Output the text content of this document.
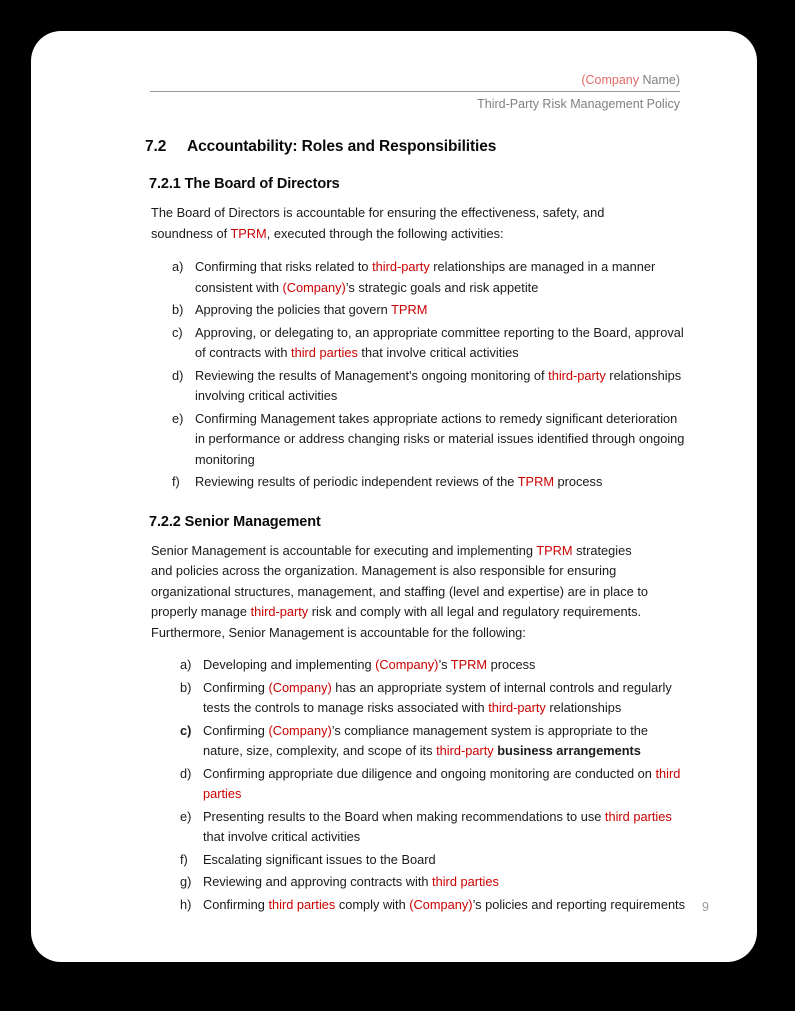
(Company Name)
Third-Party Risk Management Policy
7.2 Accountability: Roles and Responsibilities
7.2.1 The Board of Directors

The Board of Directors is accountable for ensuring the effectiveness, safety, and soundness of TPRM, executed through the following activities:

a) Confirming that risks related to third-party relationships are managed in a manner consistent with (Company)’s strategic goals and risk appetite
b) Approving the policies that govern TPRM
c) Approving, or delegating to, an appropriate committee reporting to the Board, approval of contracts with third parties that involve critical activities
d) Reviewing the results of Management's ongoing monitoring of third-party relationships involving critical activities
e) Confirming Management takes appropriate actions to remedy significant deterioration in performance or address changing risks or material issues identified through ongoing monitoring
f)	Reviewing results of periodic independent reviews of the TPRM process
7.2.2 Senior Management

Senior Management is accountable for executing and implementing TPRM strategies and policies across the organization. Management is also responsible for ensuring organizational structures, management, and staffing (level and expertise) are in place to properly manage third-party risk and comply with all legal and regulatory requirements. Furthermore, Senior Management is accountable for the following:

a) Developing and implementing (Company)’s TPRM process
b) Confirming (Company) has an appropriate system of internal controls and regularly tests the controls to manage risks associated with third-party relationships
c) Confirming (Company)’s compliance management system is appropriate to the nature, size, complexity, and scope of its third-party business arrangements
d) Confirming appropriate due diligence and ongoing monitoring are conducted on third parties
e) Presenting results to the Board when making recommendations to use third parties that involve critical activities
f)	Escalating significant issues to the Board
g) Reviewing and approving contracts with third parties
h) Confirming third parties comply with (Company)’s policies and reporting requirements	9
